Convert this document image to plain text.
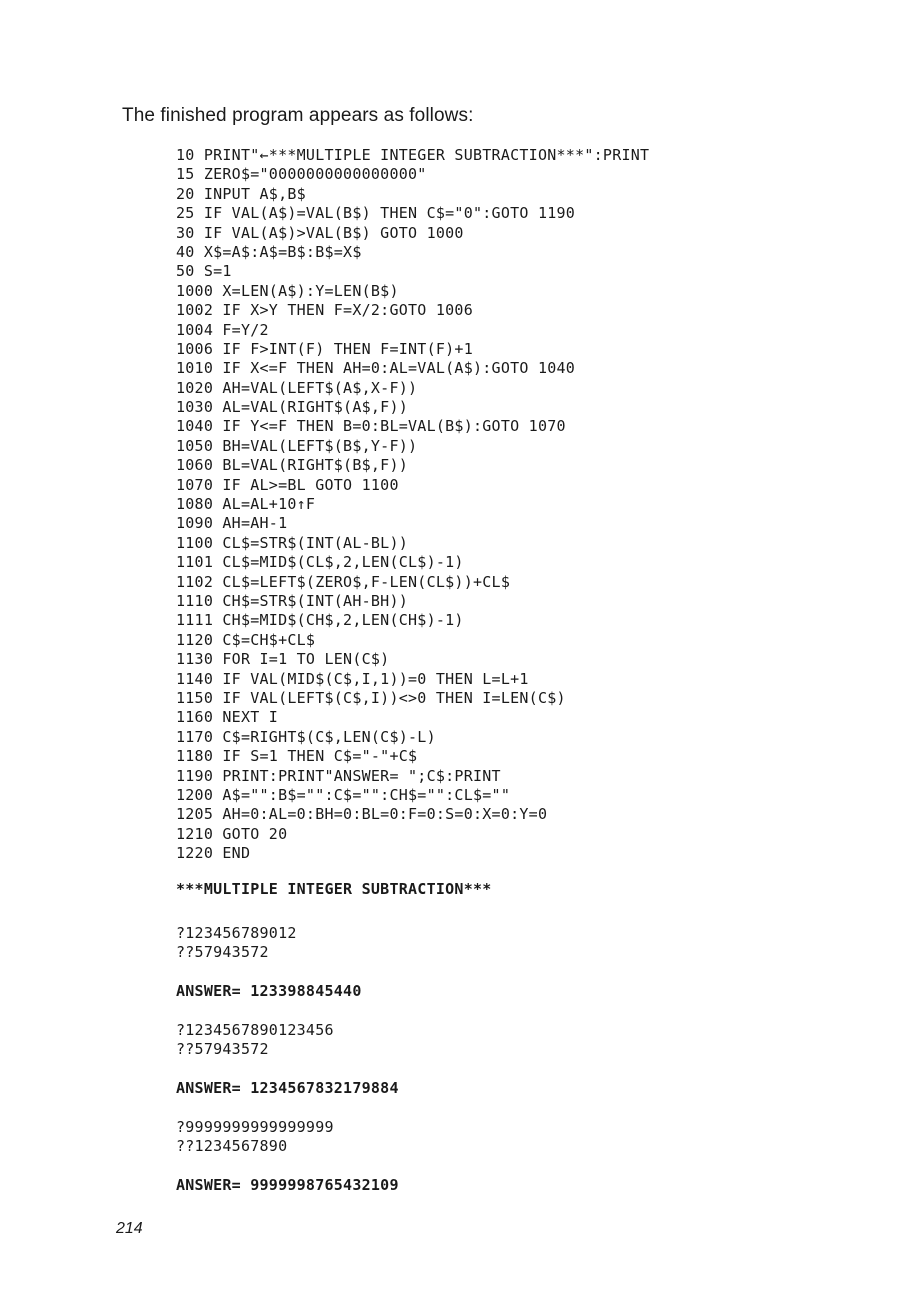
The finished program appears as follows:

10 PRINT"←***MULTIPLE INTEGER SUBTRACTION***":PRINT
15 ZERO$="0000000000000000"
20 INPUT A$,B$
25 IF VAL(A$)=VAL(B$) THEN C$="0":GOTO 1190
30 IF VAL(A$)>VAL(B$) GOTO 1000
40 X$=A$:A$=B$:B$=X$
50 S=1
1000 X=LEN(A$):Y=LEN(B$)
1002 IF X>Y THEN F=X/2:GOTO 1006
1004 F=Y/2
1006 IF F>INT(F) THEN F=INT(F)+1
1010 IF X<=F THEN AH=0:AL=VAL(A$):GOTO 1040
1020 AH=VAL(LEFT$(A$,X-F))
1030 AL=VAL(RIGHT$(A$,F))
1040 IF Y<=F THEN B=0:BL=VAL(B$):GOTO 1070
1050 BH=VAL(LEFT$(B$,Y-F))
1060 BL=VAL(RIGHT$(B$,F))
1070 IF AL>=BL GOTO 1100
1080 AL=AL+10↑F
1090 AH=AH-1
1100 CL$=STR$(INT(AL-BL))
1101 CL$=MID$(CL$,2,LEN(CL$)-1)
1102 CL$=LEFT$(ZERO$,F-LEN(CL$))+CL$
1110 CH$=STR$(INT(AH-BH))
1111 CH$=MID$(CH$,2,LEN(CH$)-1)
1120 C$=CH$+CL$
1130 FOR I=1 TO LEN(C$)
1140 IF VAL(MID$(C$,I,1))=0 THEN L=L+1
1150 IF VAL(LEFT$(C$,I))<>0 THEN I=LEN(C$)
1160 NEXT I
1170 C$=RIGHT$(C$,LEN(C$)-L)
1180 IF S=1 THEN C$="-"+C$
1190 PRINT:PRINT"ANSWER= ";C$:PRINT
1200 A$="":B$="":C$="":CH$="":CL$=""
1205 AH=0:AL=0:BH=0:BL=0:F=0:S=0:X=0:Y=0
1210 GOTO 20
1220 END

***MULTIPLE INTEGER SUBTRACTION***

?123456789012

??57943572

ANSWER= 123398845440

?1234567890123456

??57943572

ANSWER= 1234567832179884

?9999999999999999

??1234567890

ANSWER= 9999998765432109

214
